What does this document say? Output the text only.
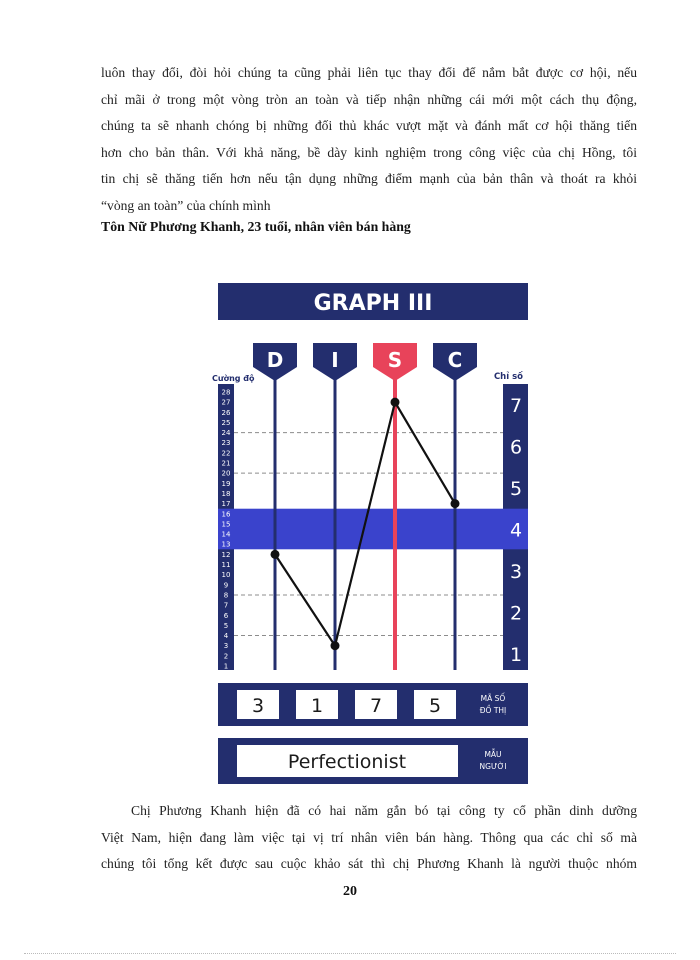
luôn thay đổi, đòi hỏi chúng ta cũng phải liên tục thay đổi để nắm bắt được cơ hội, nếu
chỉ mãi ở trong một vòng tròn an toàn và tiếp nhận những cái mới một cách thụ động,
chúng ta sẽ nhanh chóng bị những đối thủ khác vượt mặt và đánh mất cơ hội thăng tiến
hơn cho bản thân. Với khả năng, bề dày kinh nghiệm trong công việc của chị Hồng, tôi
tin chị sẽ thăng tiến hơn nếu tận dụng những điểm mạnh của bản thân và thoát ra khỏi
“vòng an toàn” của chính mình

Tôn Nữ Phương Khanh, 23 tuổi, nhân viên bán hàng

GRAPH III
Cường độ	Chỉ số
28
27
26
25
24
23
22
21
20
19
18
17
16
15
14
13
12
11
10
9
8
7
6
5
4
3
2
1
7
6
5
4
3
2
1
D I S C
3 1 7 5	MÃ SỐ
ĐỒ THỊ
Perfectionist	MẪU
NGƯỜI

Chị Phương Khanh hiện đã có hai năm gắn bó tại công ty cổ phần dinh dưỡng
Việt Nam, hiện đang làm việc tại vị trí nhân viên bán hàng. Thông qua các chỉ số mà
chúng tôi tổng kết được sau cuộc khảo sát thì chị Phương Khanh là người thuộc nhóm

20
